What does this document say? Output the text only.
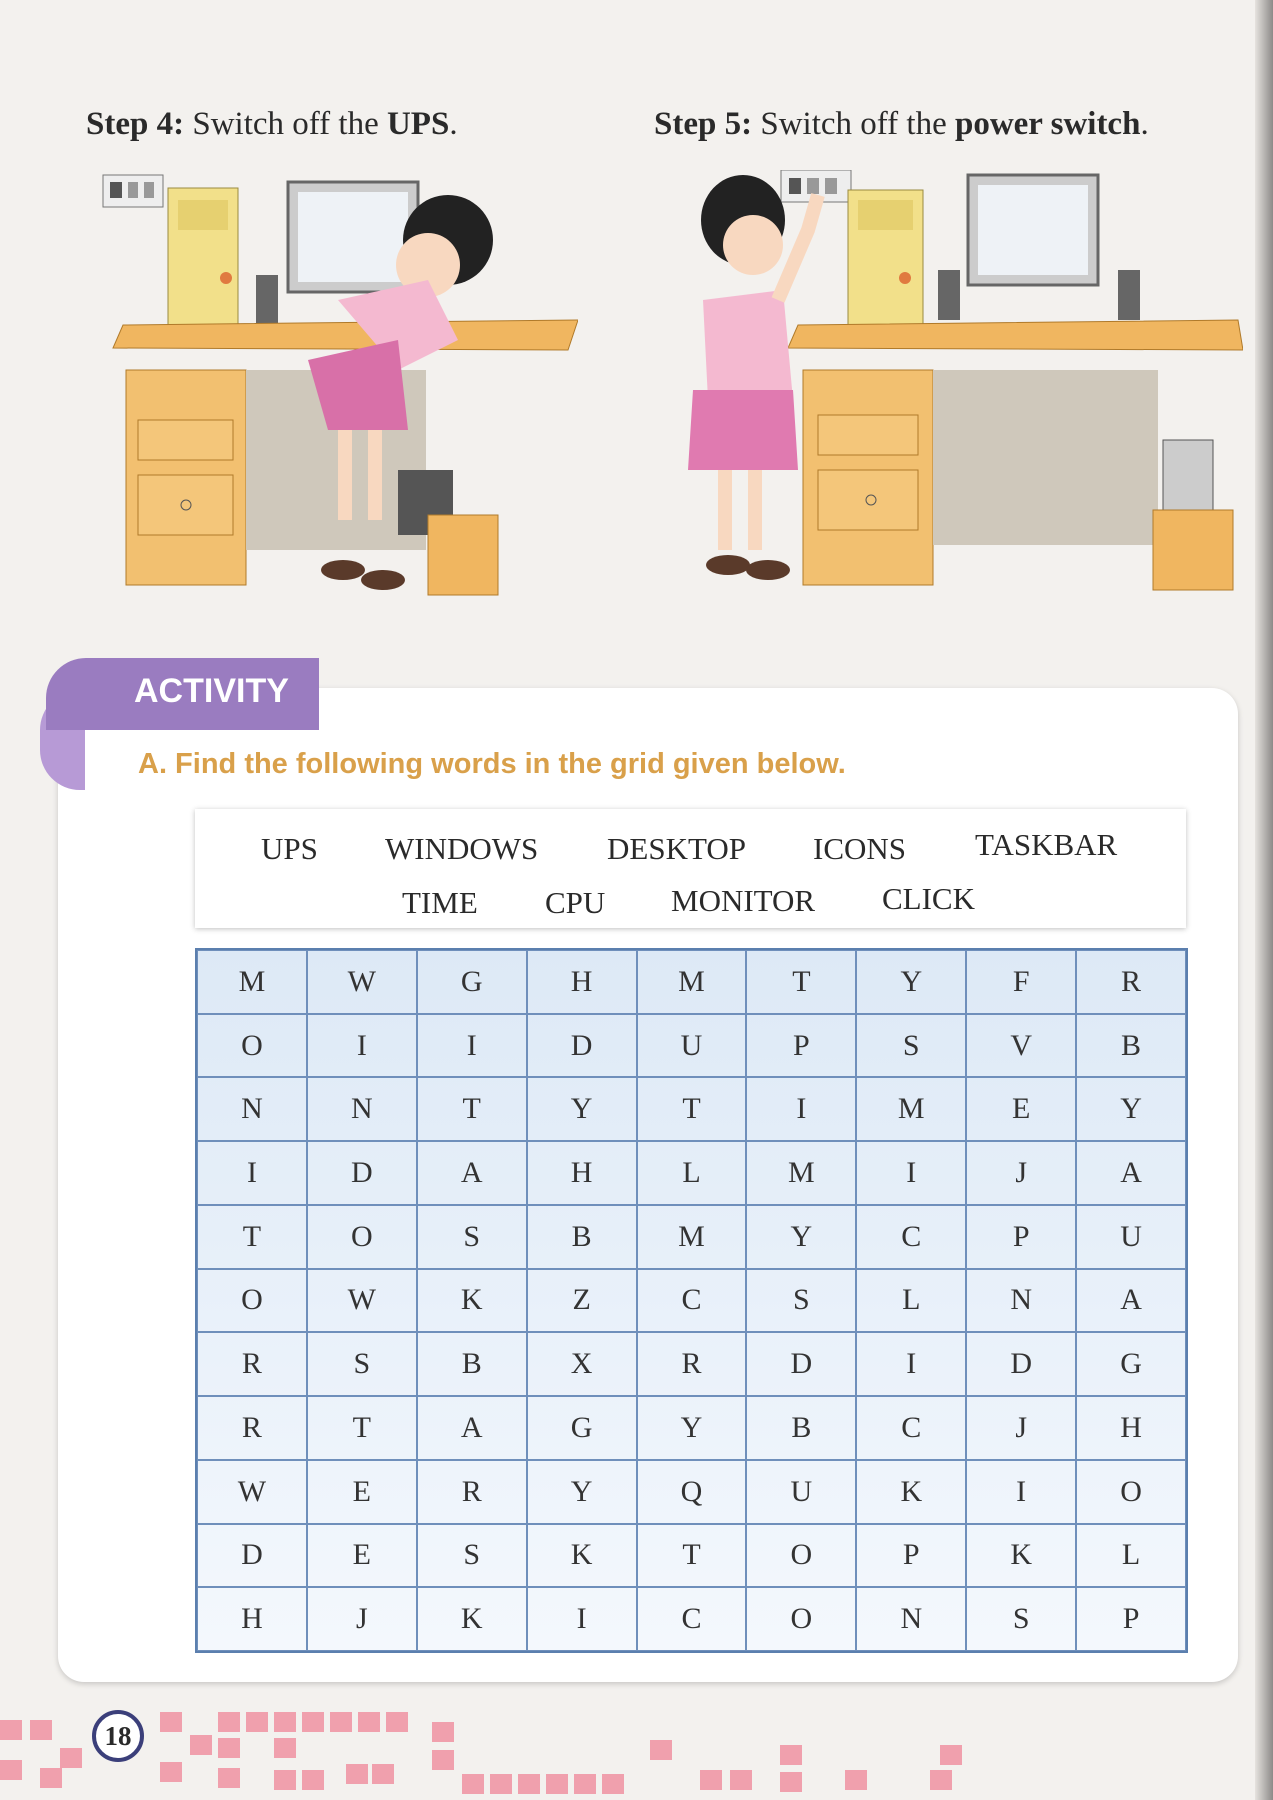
Step 4: Switch off the UPS.	Step 5: Switch off the power switch.
ACTIVITY
A. Find the following words in the grid given below.
UPS WINDOWS DESKTOP ICONS TASKBAR
TIME CPU MONITOR CLICK
M	W	G	H	M	T	Y	F	R
O	I	I	D	U	P	S	V	B
N	N	T	Y	T	I	M	E	Y
I	D	A	H	L	M	I	J	A
T	O	S	B	M	Y	C	P	U
O	W	K	Z	C	S	L	N	A
R	S	B	X	R	D	I	D	G
R	T	A	G	Y	B	C	J	H
W	E	R	Y	Q	U	K	I	O
D	E	S	K	T	O	P	K	L
H	J	K	I	C	O	N	S	P
18
